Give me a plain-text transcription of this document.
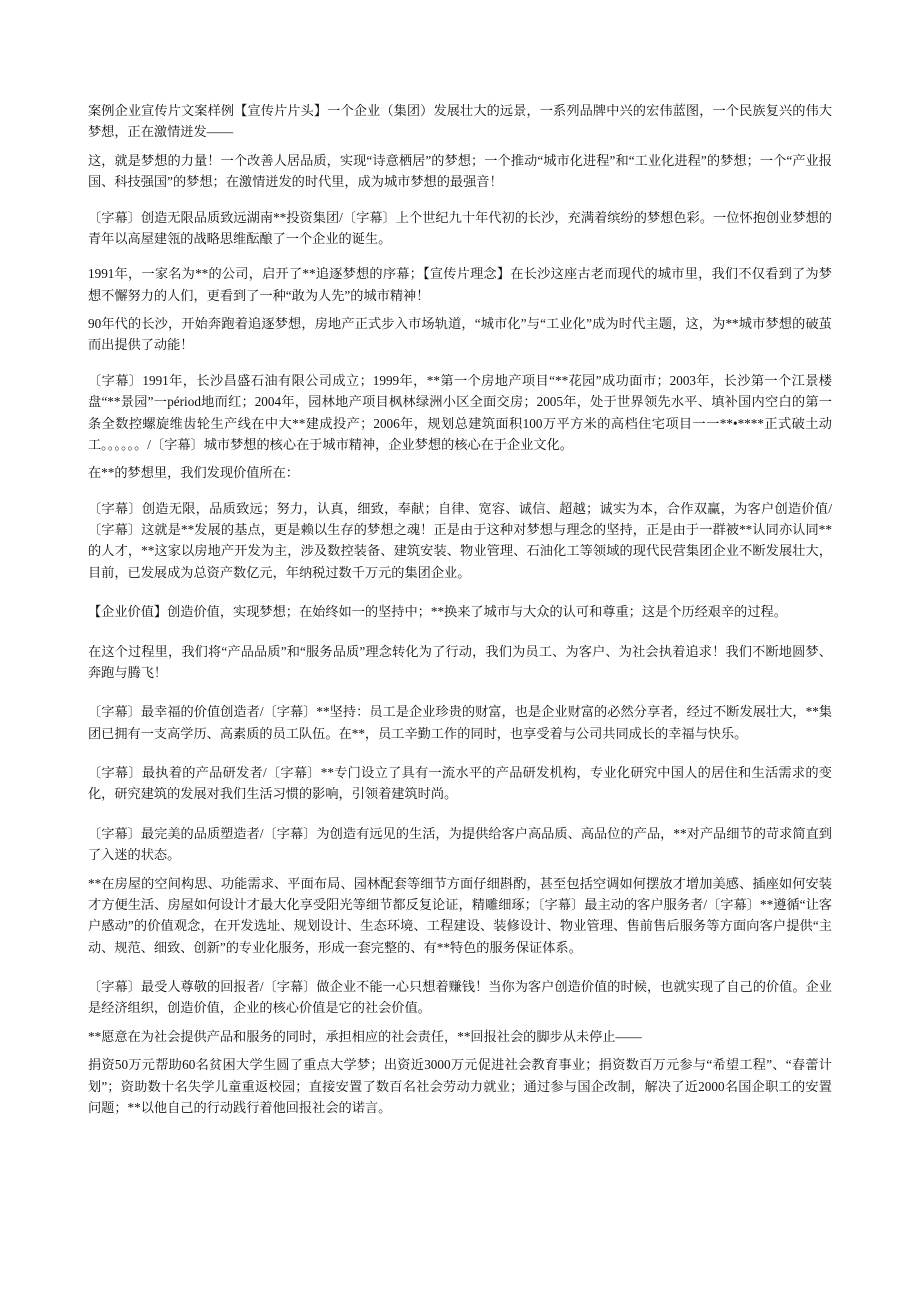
案例企业宣传片文案样例【宣传片片头】一个企业（集团）发展壮大的远景，一系列品牌中兴的宏伟蓝图，一个民族复兴的伟大梦想，正在激情迸发——

这，就是梦想的力量！一个改善人居品质，实现“诗意栖居”的梦想；一个推动“城市化进程”和“工业化进程”的梦想；一个“产业报国、科技强国”的梦想；在激情迸发的时代里，成为城市梦想的最强音！

〔字幕〕创造无限品质致远湖南**投资集团/〔字幕〕上个世纪九十年代初的长沙，充满着缤纷的梦想色彩。一位怀抱创业梦想的青年以高屋建瓴的战略思维酝酿了一个企业的诞生。

1991年，一家名为**的公司，启开了**追逐梦想的序幕；【宣传片理念】在长沙这座古老而现代的城市里，我们不仅看到了为梦想不懈努力的人们，更看到了一种“敢为人先”的城市精神！

90年代的长沙，开始奔跑着追逐梦想，房地产正式步入市场轨道，“城市化”与“工业化”成为时代主题，这，为**城市梦想的破茧而出提供了动能！

〔字幕〕1991年，长沙昌盛石油有限公司成立；1999年，**第一个房地产项目“**花园”成功面市；2003年，长沙第一个江景楼盘“**景园”一périod地而红；2004年，园林地产项目枫林绿洲小区全面交房；2005年，处于世界领先水平、填补国内空白的第一条全数控螺旋维齿轮生产线在中大**建成投产；2006年，规划总建筑面积100万平方米的高档住宅项目一一**•****正式破土动工。。。。。。/〔字幕〕城市梦想的核心在于城市精神，企业梦想的核心在于企业文化。

在**的梦想里，我们发现价值所在：

〔字幕〕创造无限，品质致远；努力，认真，细致，奉献；自律、宽容、诚信、超越；诚实为本，合作双赢，为客户创造价值/〔字幕〕这就是**发展的基点，更是赖以生存的梦想之魂！正是由于这种对梦想与理念的坚持，正是由于一群被**认同亦认同**的人才，**这家以房地产开发为主，涉及数控装备、建筑安装、物业管理、石油化工等领域的现代民营集团企业不断发展壮大，目前，已发展成为总资产数亿元，年纳税过数千万元的集团企业。

【企业价值】创造价值，实现梦想；在始终如一的坚持中；**换来了城市与大众的认可和尊重；这是个历经艰辛的过程。

在这个过程里，我们将“产品品质”和“服务品质”理念转化为了行动，我们为员工、为客户、为社会执着追求！我们不断地圆梦、奔跑与腾飞！

〔字幕〕最幸福的价值创造者/〔字幕〕**坚持：员工是企业珍贵的财富，也是企业财富的必然分享者，经过不断发展壮大，**集团已拥有一支高学历、高素质的员工队伍。在**，员工辛勤工作的同时，也享受着与公司共同成长的幸福与快乐。

〔字幕〕最执着的产品研发者/〔字幕〕**专门设立了具有一流水平的产品研发机构，专业化研究中国人的居住和生活需求的变化，研究建筑的发展对我们生活习惯的影响，引领着建筑时尚。

〔字幕〕最完美的品质塑造者/〔字幕〕为创造有远见的生活，为提供给客户高品质、高品位的产品，**对产品细节的苛求简直到了入迷的状态。

**在房屋的空间构思、功能需求、平面布局、园林配套等细节方面仔细斟酌，甚至包括空调如何摆放才增加美感、插座如何安装才方便生活、房屋如何设计才最大化享受阳光等细节都反复论证，精雕细琢；〔字幕〕最主动的客户服务者/〔字幕〕**遵循“让客户感动”的价值观念，在开发选址、规划设计、生态环境、工程建设、装修设计、物业管理、售前售后服务等方面向客户提供“主动、规范、细致、创新”的专业化服务，形成一套完整的、有**特色的服务保证体系。

〔字幕〕最受人尊敬的回报者/〔字幕〕做企业不能一心只想着赚钱！当你为客户创造价值的时候，也就实现了自己的价值。企业是经济组织，创造价值，企业的核心价值是它的社会价值。

**愿意在为社会提供产品和服务的同时，承担相应的社会责任，**回报社会的脚步从未停止——

捐资50万元帮助60名贫困大学生圆了重点大学梦；出资近3000万元促进社会教育事业；捐资数百万元参与“希望工程”、“春蕾计划”；资助数十名失学儿童重返校园；直接安置了数百名社会劳动力就业；通过参与国企改制，解决了近2000名国企职工的安置问题；**以他自己的行动践行着他回报社会的诺言。
